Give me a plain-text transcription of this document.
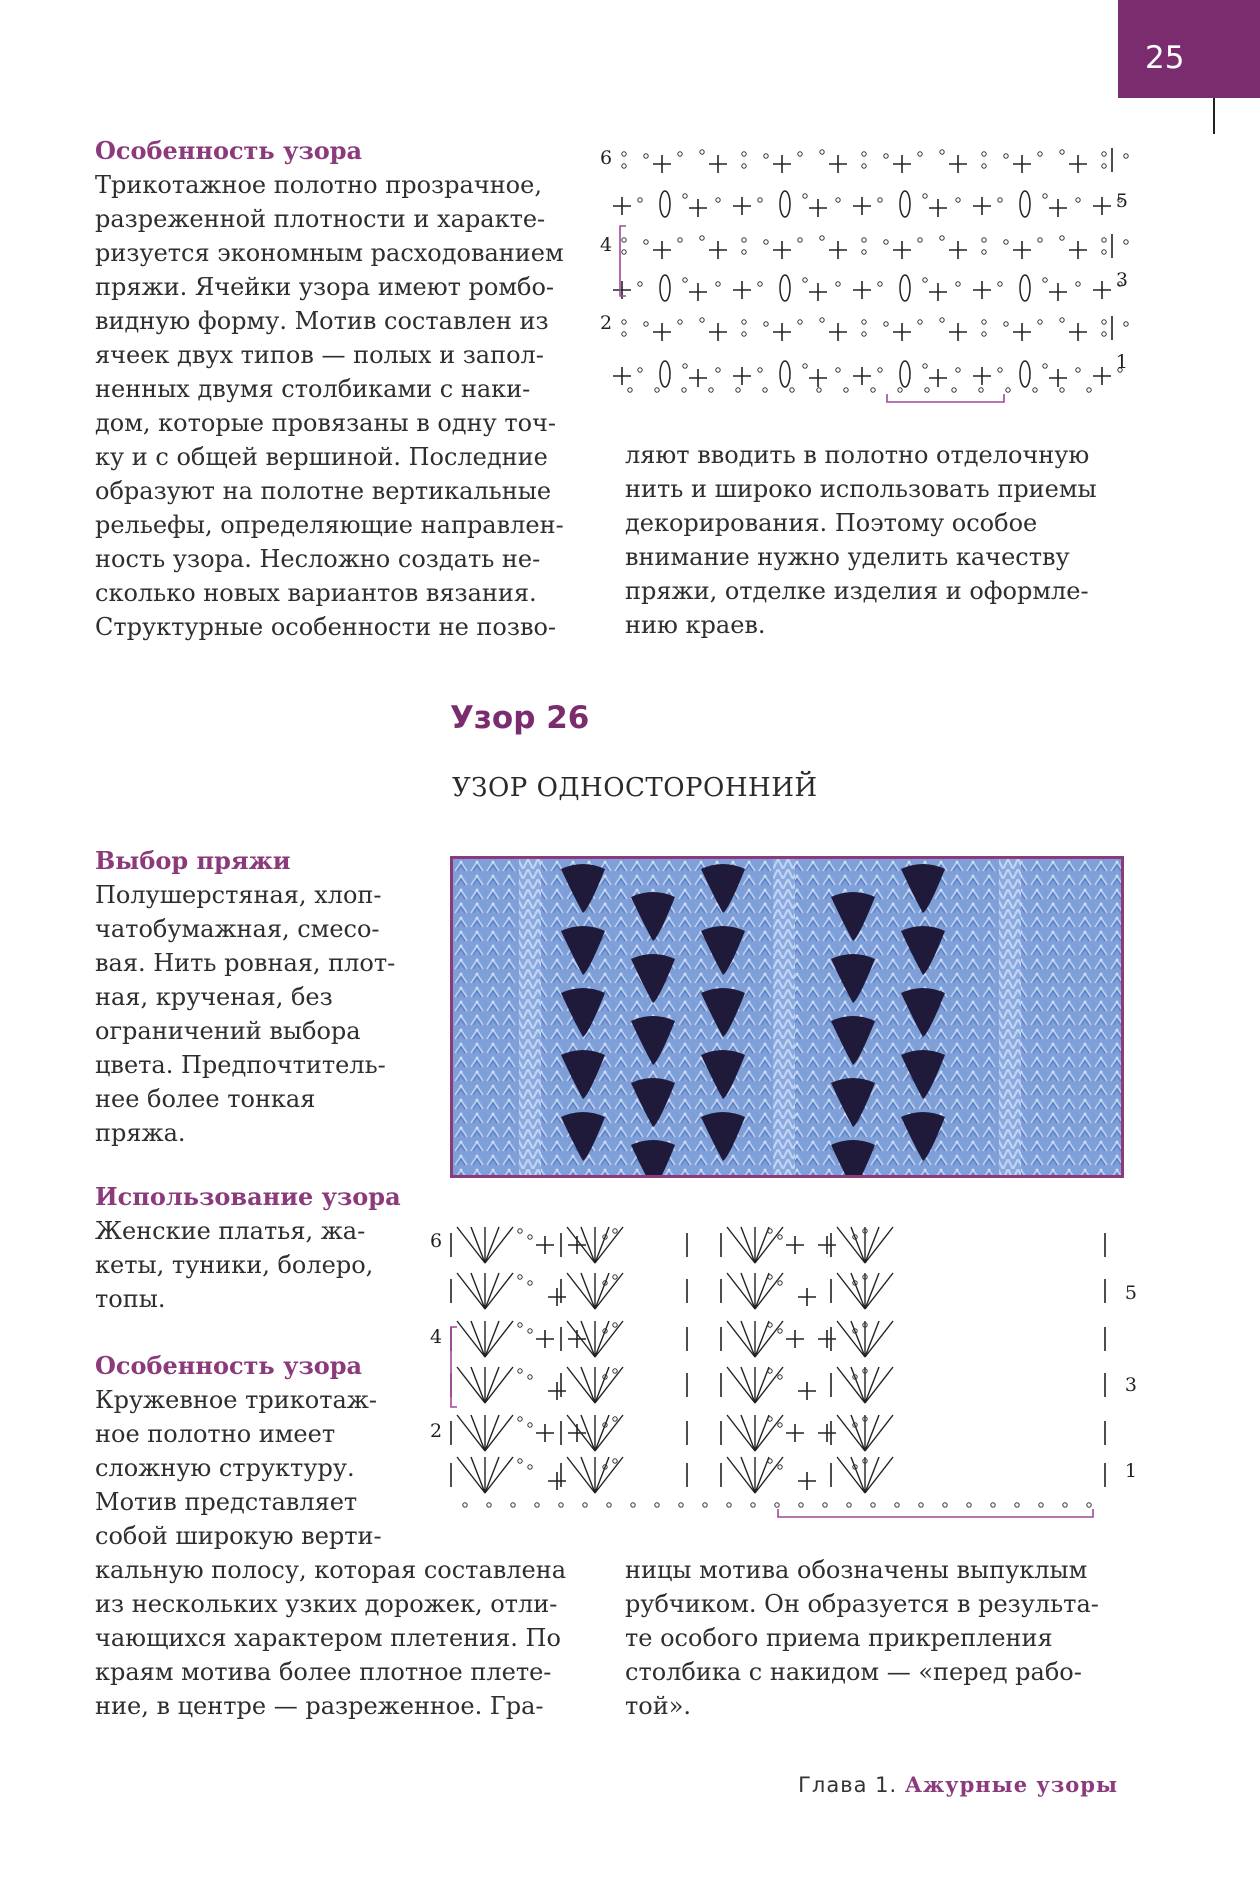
25
Особенность узора
Трикотажное полотно прозрачное,
разреженной плотности и характе-
ризуется экономным расходованием
пряжи. Ячейки узора имеют ромбо-
видную форму. Мотив составлен из
ячеек двух типов — полых и запол-
ненных двумя столбиками с наки-
дом, которые провязаны в одну точ-
ку и с общей вершиной. Последние
образуют на полотне вертикальные
рельефы, определяющие направлен-
ность узора. Несложно создать не-
сколько новых вариантов вязания.
Структурные особенности не позво-
ляют вводить в полотно отделочную
нить и широко использовать приемы
декорирования. Поэтому особое
внимание нужно уделить качеству
пряжи, отделке изделия и оформле-
нию краев.
6
4
2
5
3
1
Узор 26
УЗОР ОДНОСТОРОННИЙ
Выбор пряжи
Полушерстяная, хлоп-
чатобумажная, смесо-
вая. Нить ровная, плот-
ная, крученая, без
ограничений выбора
цвета. Предпочтитель-
нее более тонкая
пряжа.
Использование узора
Женские платья, жа-
кеты, туники, болеро,
топы.
Особенность узора
Кружевное трикотаж-
ное полотно имеет
сложную структуру.
Мотив представляет
собой широкую верти-
кальную полосу, которая составлена
из нескольких узких дорожек, отли-
чающихся характером плетения. По
краям мотива более плотное плете-
ние, в центре — разреженное. Гра-
ницы мотива обозначены выпуклым
рубчиком. Он образуется в результа-
те особого приема прикрепления
столбика с накидом — «перед рабо-
той».
6
4
2
5
3
1
Глава 1. Ажурные узоры
